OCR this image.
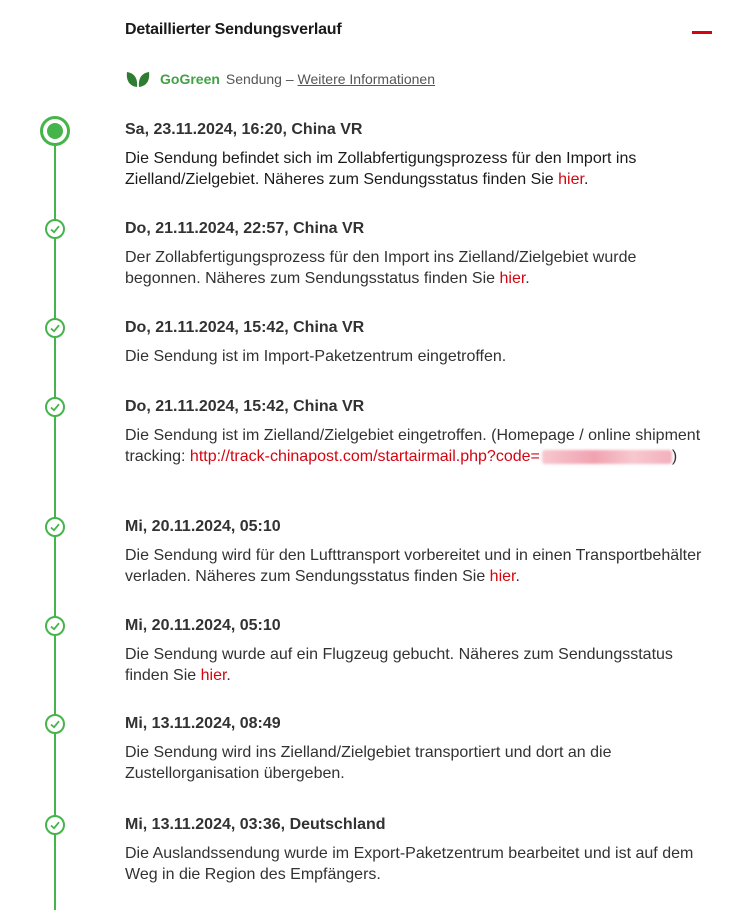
Detaillierter Sendungsverlauf
GoGreen Sendung –
Weitere Informationen
Sa, 23.11.2024, 16:20, China VR
Die Sendung befindet sich im Zollabfertigungsprozess für den Import ins Zielland/Zielgebiet. Näheres zum Sendungsstatus finden Sie hier.
Do, 21.11.2024, 22:57, China VR
Der Zollabfertigungsprozess für den Import ins Zielland/Zielgebiet wurde begonnen. Näheres zum Sendungsstatus finden Sie hier.
Do, 21.11.2024, 15:42, China VR
Die Sendung ist im Import-Paketzentrum eingetroffen.
Do, 21.11.2024, 15:42, China VR
Die Sendung ist im Zielland/Zielgebiet eingetroffen. (Homepage / online shipment tracking: http://track-chinapost.com/startairmail.php?code=	)
Mi, 20.11.2024, 05:10
Die Sendung wird für den Lufttransport vorbereitet und in einen Transportbehälter verladen. Näheres zum Sendungsstatus finden Sie hier.
Mi, 20.11.2024, 05:10
Die Sendung wurde auf ein Flugzeug gebucht. Näheres zum Sendungsstatus finden Sie hier.
Mi, 13.11.2024, 08:49
Die Sendung wird ins Zielland/Zielgebiet transportiert und dort an die Zustellorganisation übergeben.
Mi, 13.11.2024, 03:36, Deutschland
Die Auslandssendung wurde im Export-Paketzentrum bearbeitet und ist auf dem Weg in die Region des Empfängers.
